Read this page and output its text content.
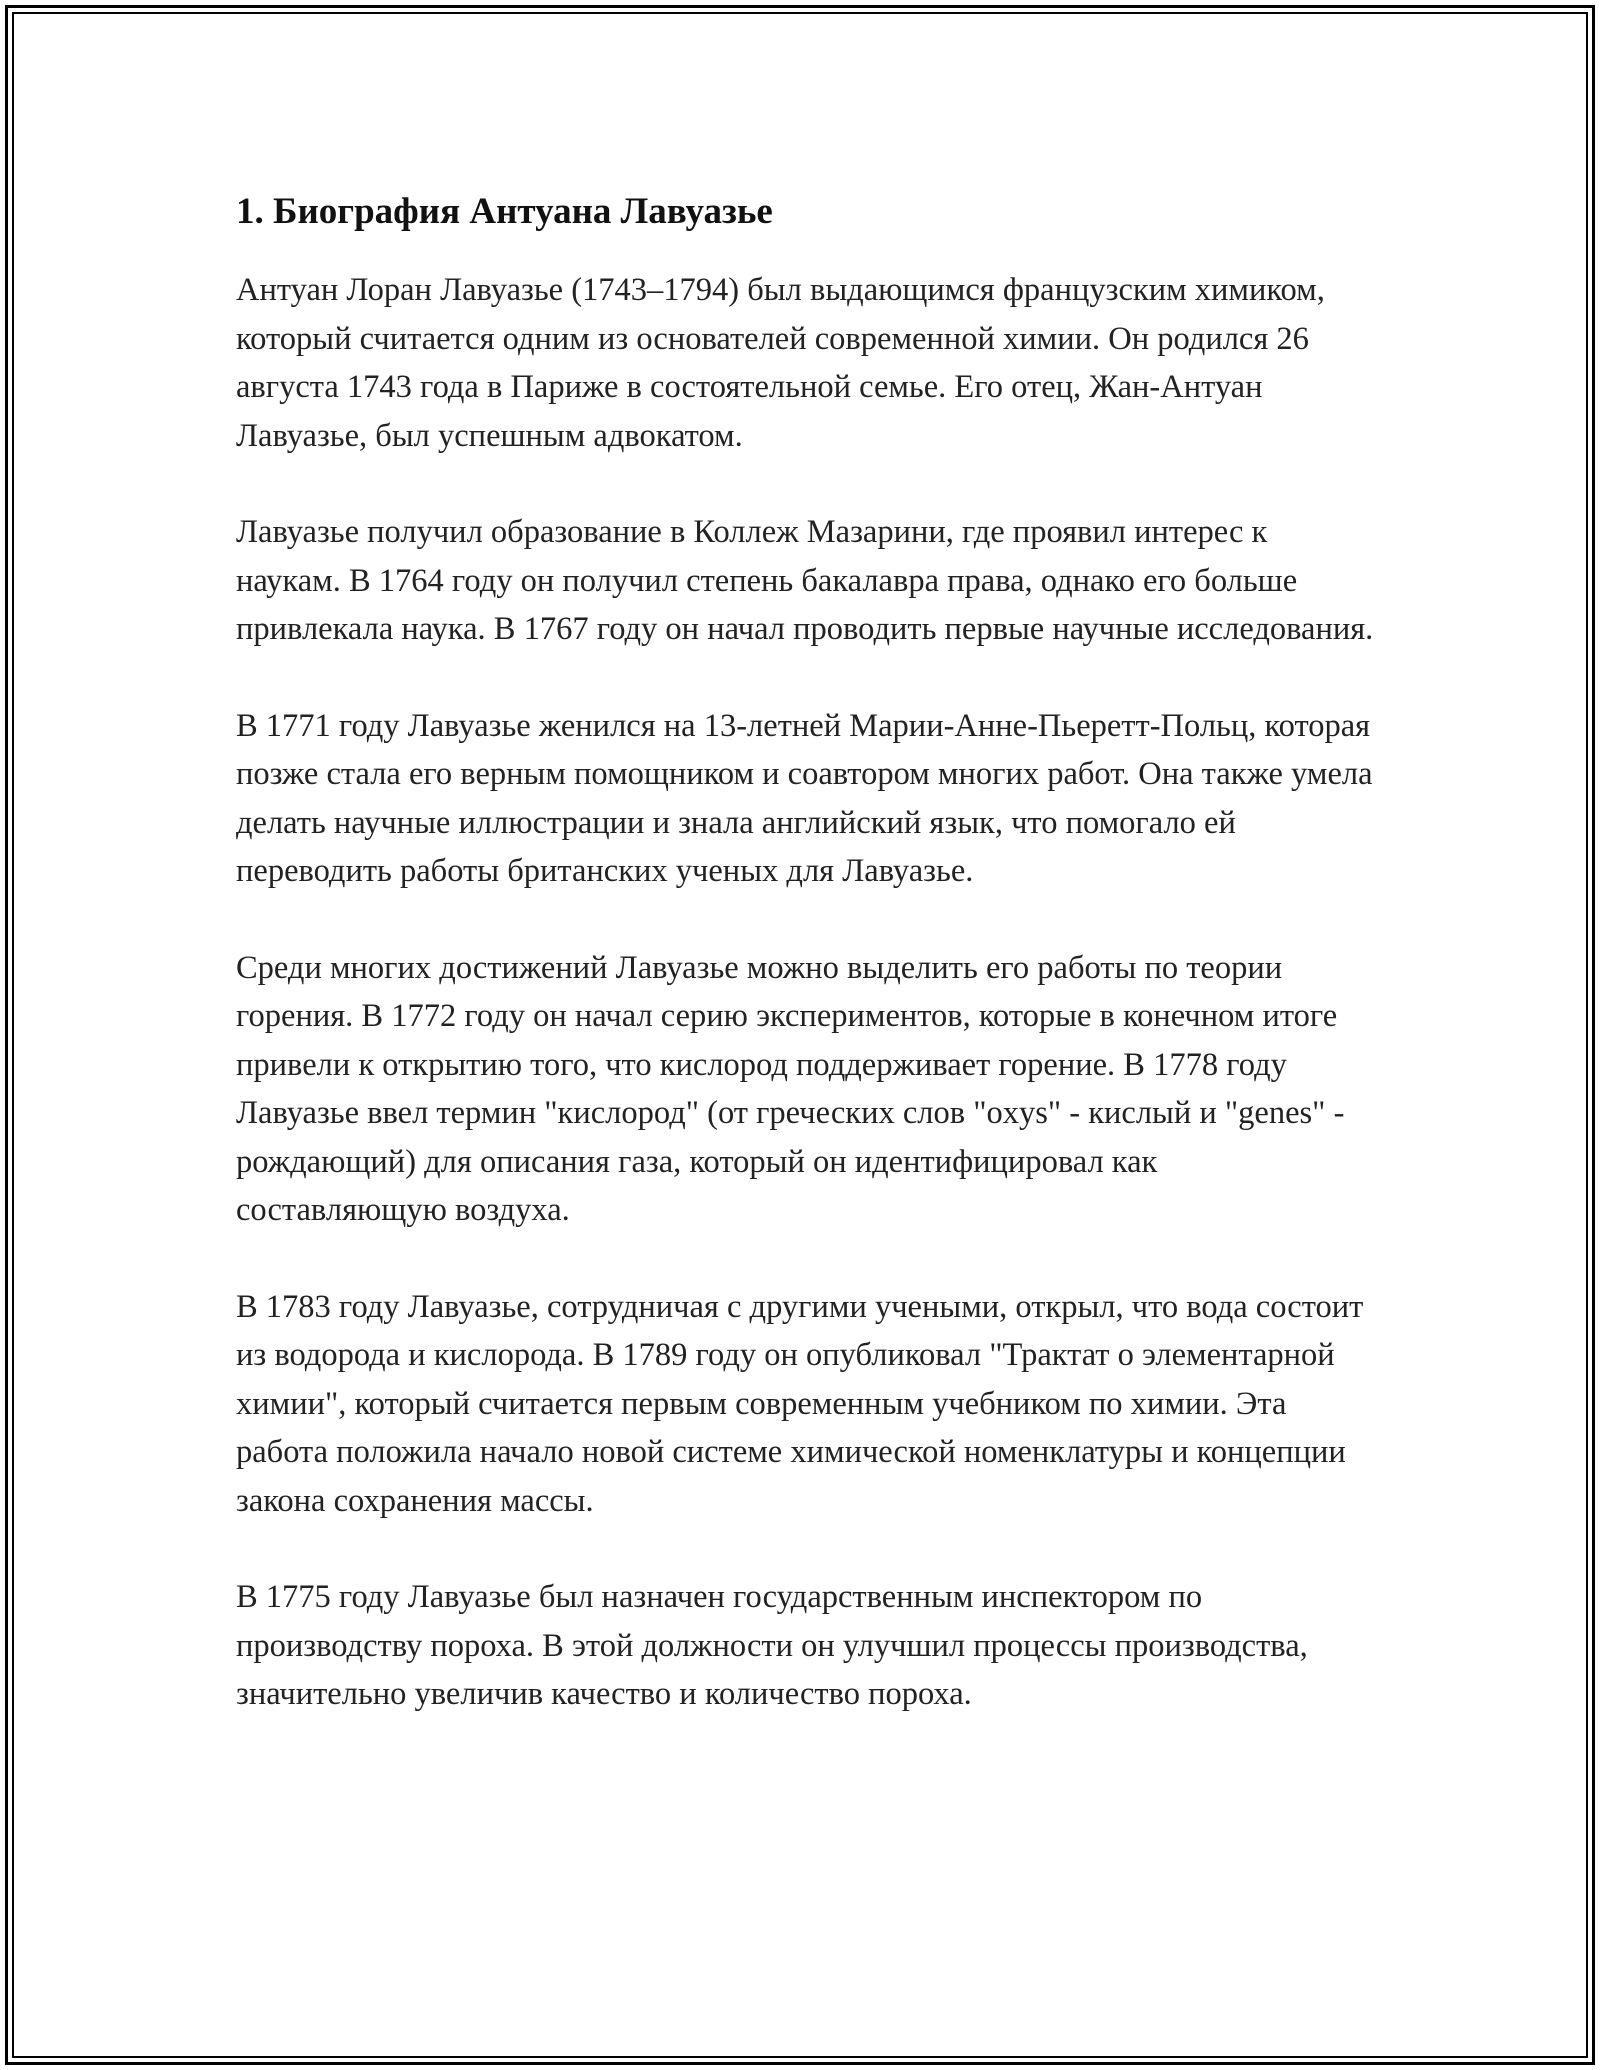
1. Биография Антуана Лавуазье

Антуан Лоран Лавуазье (1743–1794) был выдающимся французским химиком, который считается одним из основателей современной химии. Он родился 26 августа 1743 года в Париже в состоятельной семье. Его отец, Жан-Антуан Лавуазье, был успешным адвокатом.

Лавуазье получил образование в Коллеж Мазарини, где проявил интерес к наукам. В 1764 году он получил степень бакалавра права, однако его больше привлекала наука. В 1767 году он начал проводить первые научные исследования.

В 1771 году Лавуазье женился на 13-летней Марии-Анне-Пьеретт-Польц, которая позже стала его верным помощником и соавтором многих работ. Она также умела делать научные иллюстрации и знала английский язык, что помогало ей переводить работы британских ученых для Лавуазье.

Среди многих достижений Лавуазье можно выделить его работы по теории горения. В 1772 году он начал серию экспериментов, которые в конечном итоге привели к открытию того, что кислород поддерживает горение. В 1778 году Лавуазье ввел термин "кислород" (от греческих слов "oxys" - кислый и "genes" - рождающий) для описания газа, который он идентифицировал как составляющую воздуха.

В 1783 году Лавуазье, сотрудничая с другими учеными, открыл, что вода состоит из водорода и кислорода. В 1789 году он опубликовал "Трактат о элементарной химии", который считается первым современным учебником по химии. Эта работа положила начало новой системе химической номенклатуры и концепции закона сохранения массы.

В 1775 году Лавуазье был назначен государственным инспектором по производству пороха. В этой должности он улучшил процессы производства, значительно увеличив качество и количество пороха.
